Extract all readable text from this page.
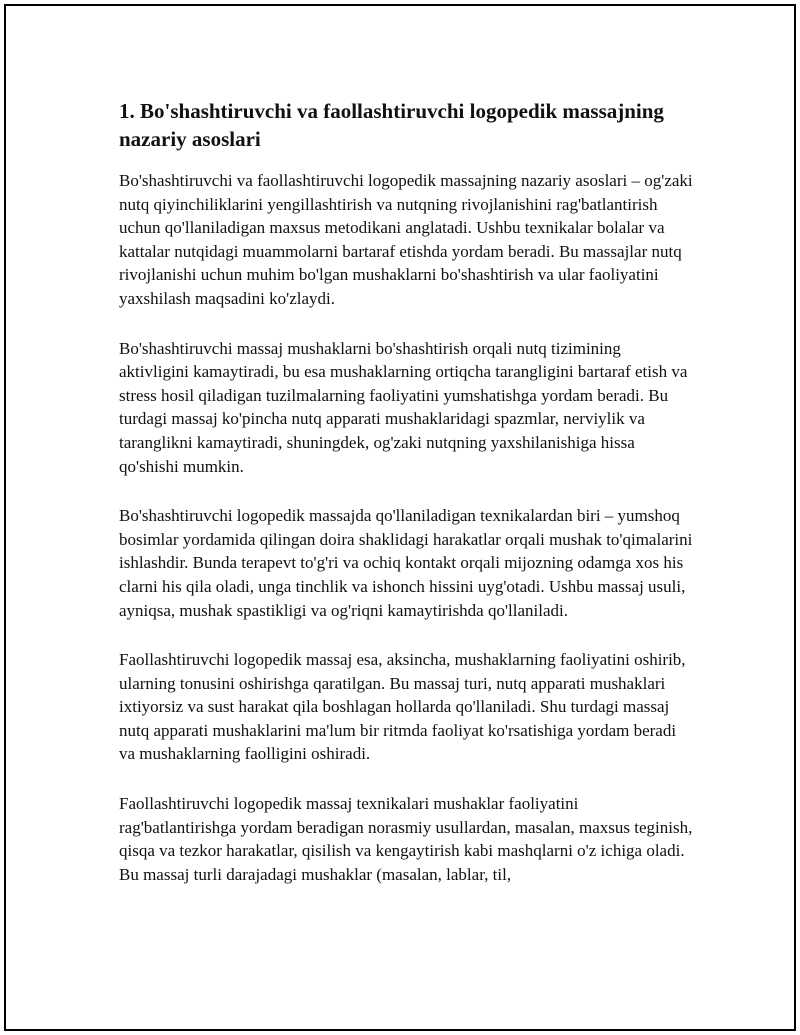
1. Bo'shashtiruvchi va faollashtiruvchi logopedik massajning nazariy asoslari

Bo'shashtiruvchi va faollashtiruvchi logopedik massajning nazariy asoslari – og'zaki nutq qiyinchiliklarini yengillashtirish va nutqning rivojlanishini rag'batlantirish uchun qo'llaniladigan maxsus metodikani anglatadi. Ushbu texnikalar bolalar va kattalar nutqidagi muammolarni bartaraf etishda yordam beradi. Bu massajlar nutq rivojlanishi uchun muhim bo'lgan mushaklarni bo'shashtirish va ular faoliyatini yaxshilash maqsadini ko'zlaydi.

Bo'shashtiruvchi massaj mushaklarni bo'shashtirish orqali nutq tizimining aktivligini kamaytiradi, bu esa mushaklarning ortiqcha tarangligini bartaraf etish va stress hosil qiladigan tuzilmalarning faoliyatini yumshatishga yordam beradi. Bu turdagi massaj ko'pincha nutq apparati mushaklaridagi spazmlar, nerviylik va taranglikni kamaytiradi, shuningdek, og'zaki nutqning yaxshilanishiga hissa qo'shishi mumkin.

Bo'shashtiruvchi logopedik massajda qo'llaniladigan texnikalardan biri – yumshoq bosimlar yordamida qilingan doira shaklidagi harakatlar orqali mushak to'qimalarini ishlashdir. Bunda terapevt to'g'ri va ochiq kontakt orqali mijozning odamga xos his clarni his qila oladi, unga tinchlik va ishonch hissini uyg'otadi. Ushbu massaj usuli, ayniqsa, mushak spastikligi va og'riqni kamaytirishda qo'llaniladi.

Faollashtiruvchi logopedik massaj esa, aksincha, mushaklarning faoliyatini oshirib, ularning tonusini oshirishga qaratilgan. Bu massaj turi, nutq apparati mushaklari ixtiyorsiz va sust harakat qila boshlagan hollarda qo'llaniladi. Shu turdagi massaj nutq apparati mushaklarini ma'lum bir ritmda faoliyat ko'rsatishiga yordam beradi va mushaklarning faolligini oshiradi.

Faollashtiruvchi logopedik massaj texnikalari mushaklar faoliyatini rag'batlantirishga yordam beradigan norasmiy usullardan, masalan, maxsus teginish, qisqa va tezkor harakatlar, qisilish va kengaytirish kabi mashqlarni o'z ichiga oladi. Bu massaj turli darajadagi mushaklar (masalan, lablar, til,
